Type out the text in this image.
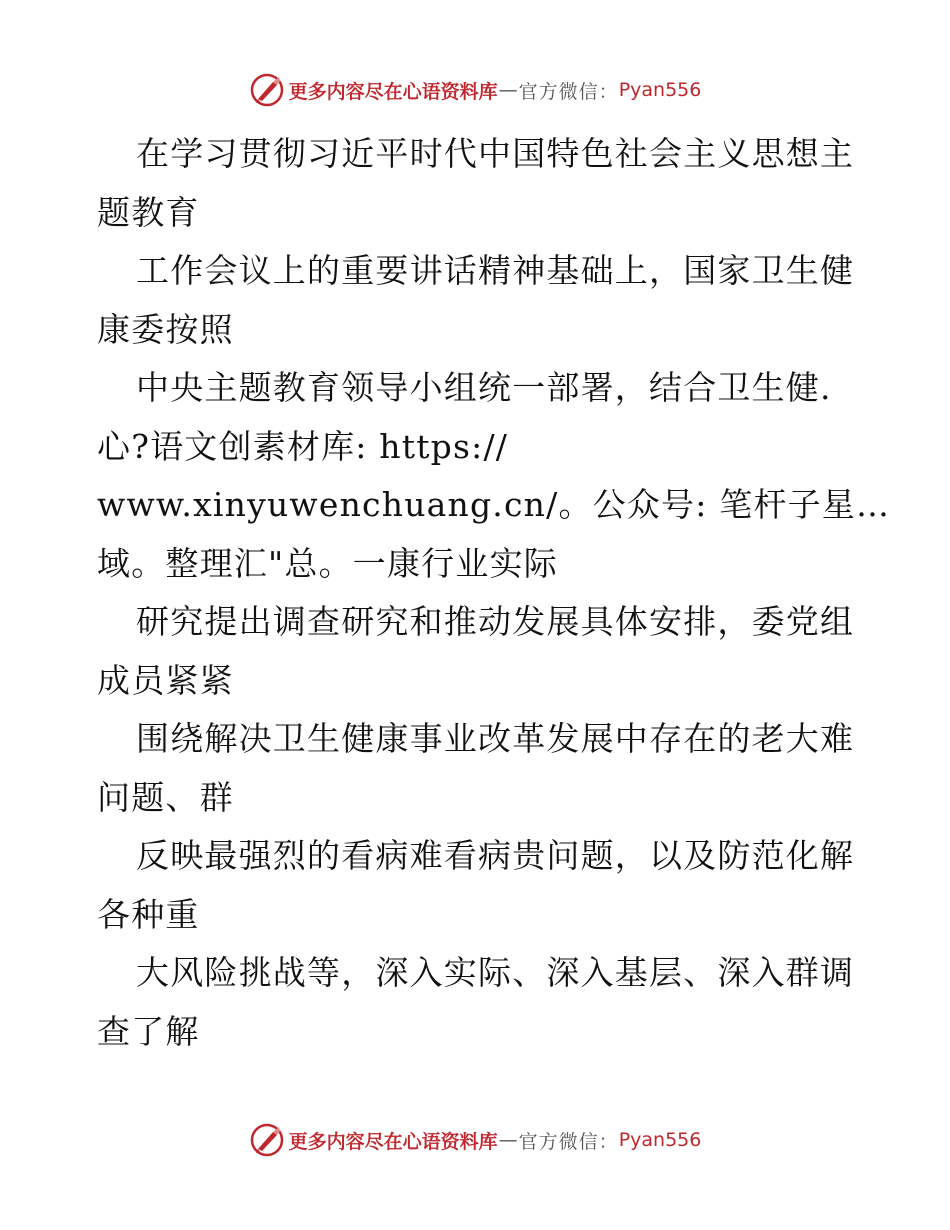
更多内容尽在心语资料库 — 官方微信： Pyan556
在学习贯彻习近平时代中国特色社会主义思想主
题教育
工作会议上的重要讲话精神基础上，国家卫生健
康委按照
中央主题教育领导小组统一部署，结合卫生健.
心?语文创素材库: https://
www.xinyuwenchuang.cn/。公众号: 笔杆子星…
域。整理汇"总。一康行业实际
研究提出调查研究和推动发展具体安排，委党组
成员紧紧
围绕解决卫生健康事业改革发展中存在的老大难
问题、群
反映最强烈的看病难看病贵问题，以及防范化解
各种重
大风险挑战等，深入实际、深入基层、深入群调
查了解
更多内容尽在心语资料库 — 官方微信： Pyan556
